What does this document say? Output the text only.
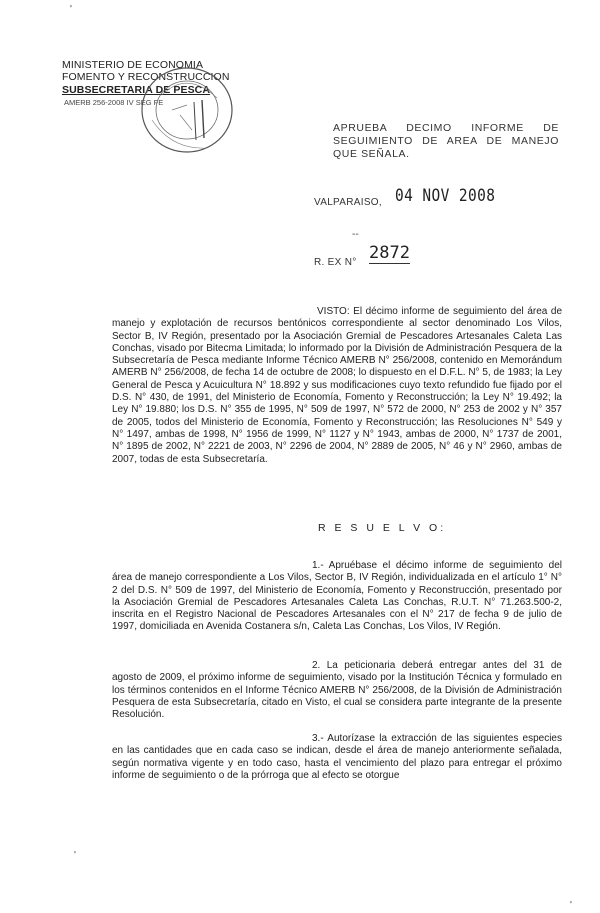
'
MINISTERIO DE ECONOMIA
FOMENTO Y RECONSTRUCCION
SUBSECRETARIA DE PESCA
AMERB 256-2008 IV SEG FE
APRUEBA DECIMO INFORME DE SEGUIMIENTO DE AREA DE MANEJO QUE SEÑALA.
VALPARAISO, 04 NOV 2008
--
R. EX N° 2872
VISTO: El décimo informe de seguimiento del área de manejo y explotación de recursos bentónicos correspondiente al sector denominado Los Vilos, Sector B, IV Región, presentado por la Asociación Gremial de Pescadores Artesanales Caleta Las Conchas, visado por Bitecma Limitada; lo informado por la División de Administración Pesquera de la Subsecretaría de Pesca mediante Informe Técnico AMERB N° 256/2008, contenido en Memorándum AMERB N° 256/2008, de fecha 14 de octubre de 2008; lo dispuesto en el D.F.L. N° 5, de 1983; la Ley General de Pesca y Acuicultura N° 18.892 y sus modificaciones cuyo texto refundido fue fijado por el D.S. N° 430, de 1991, del Ministerio de Economía, Fomento y Reconstrucción; la Ley N° 19.492; la Ley N° 19.880; los D.S. N° 355 de 1995, N° 509 de 1997, N° 572 de 2000, N° 253 de 2002 y N° 357 de 2005, todos del Ministerio de Economía, Fomento y Reconstrucción; las Resoluciones N° 549 y N° 1497, ambas de 1998, N° 1956 de 1999, N° 1127 y N° 1943, ambas de 2000, N° 1737 de 2001, N° 1895 de 2002, N° 2221 de 2003, N° 2296 de 2004, N° 2889 de 2005, N° 46 y N° 2960, ambas de 2007, todas de esta Subsecretaría.
R E S U E L V O:
1.- Apruébase el décimo informe de seguimiento del área de manejo correspondiente a Los Vilos, Sector B, IV Región, individualizada en el artículo 1° N° 2 del D.S. N° 509 de 1997, del Ministerio de Economía, Fomento y Reconstrucción, presentado por la Asociación Gremial de Pescadores Artesanales Caleta Las Conchas, R.U.T. N° 71.263.500-2, inscrita en el Registro Nacional de Pescadores Artesanales con el N° 217 de fecha 9 de julio de 1997, domiciliada en Avenida Costanera s/n, Caleta Las Conchas, Los Vilos, IV Región.
2. La peticionaria deberá entregar antes del 31 de agosto de 2009, el próximo informe de seguimiento, visado por la Institución Técnica y formulado en los términos contenidos en el Informe Técnico AMERB N° 256/2008, de la División de Administración Pesquera de esta Subsecretaría, citado en Visto, el cual se considera parte integrante de la presente Resolución.
3.- Autorízase la extracción de las siguientes especies en las cantidades que en cada caso se indican, desde el área de manejo anteriormente señalada, según normativa vigente y en todo caso, hasta el vencimiento del plazo para entregar el próximo informe de seguimiento o de la prórroga que al efecto se otorgue
'
'
